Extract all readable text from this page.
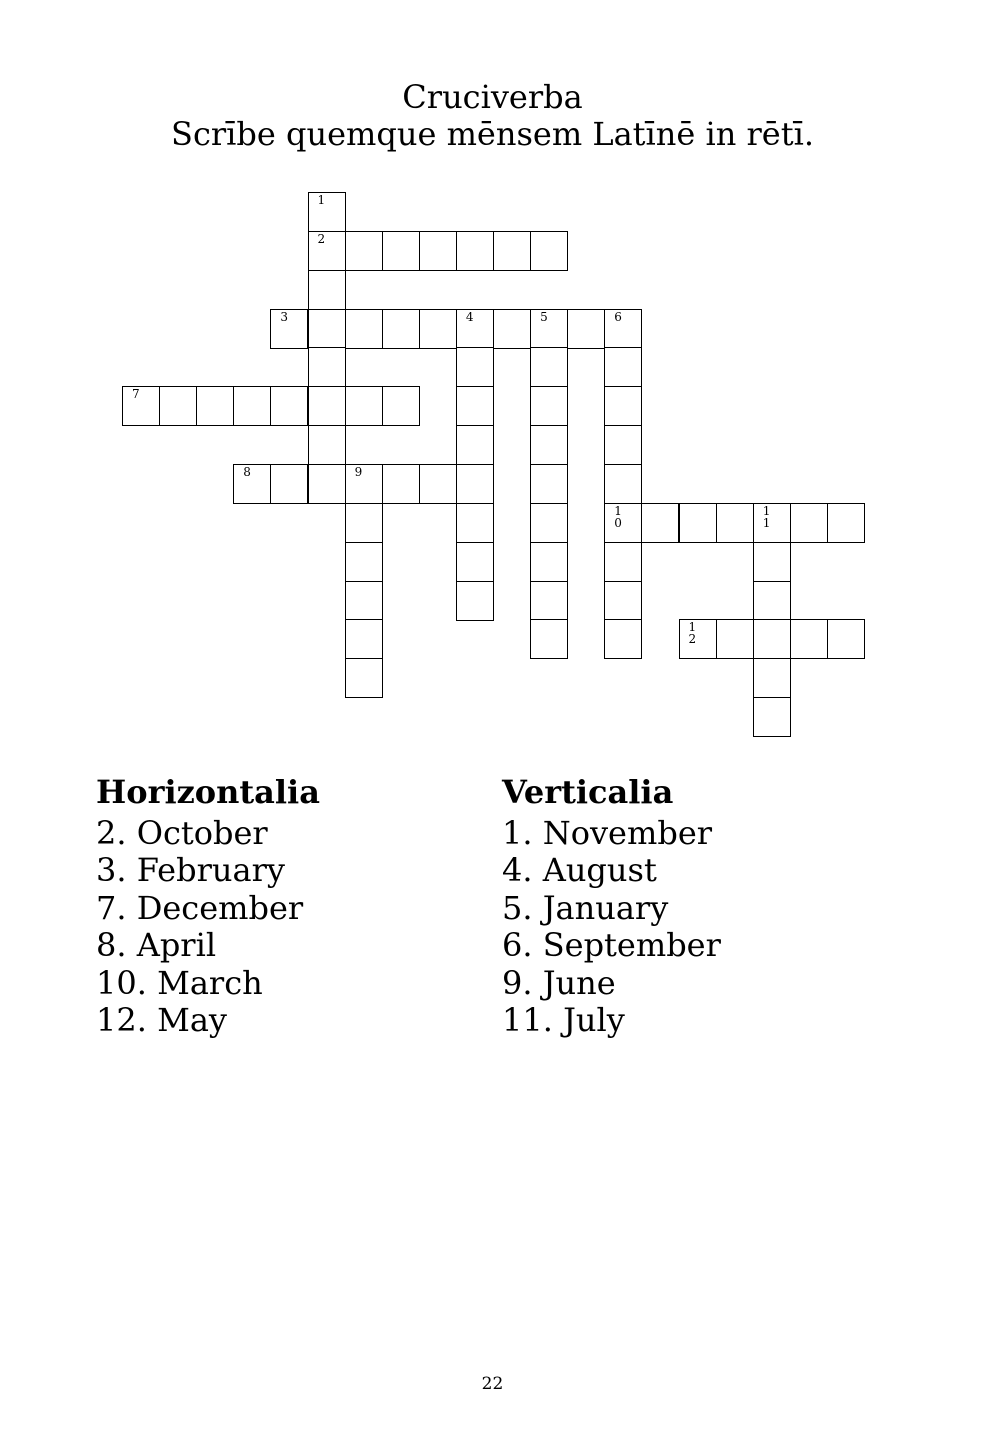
Cruciverba
Scrībe quemque mēnsem Latīnē in rētī.
1
2
3	4	5	6
7
8	9
10
11
12
Horizontalia
2. October
3. February
7. December
8. April
10. March
12. May
Verticalia
1. November
4. August
5. January
6. September
9. June
11. July
22
